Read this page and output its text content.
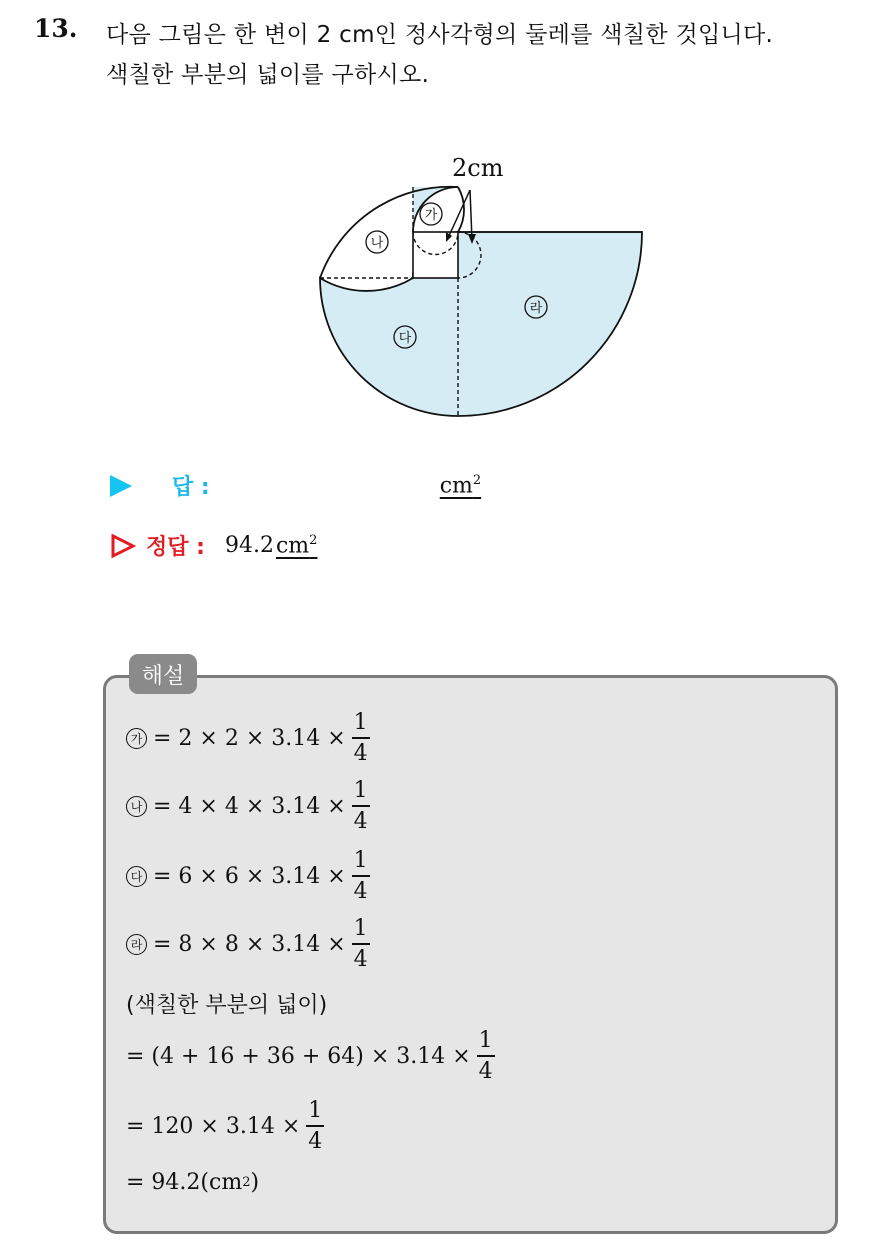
13. 다음 그림은 한 변이 2 cm인 정사각형의 둘레를 색칠한 것입니다.
색칠한 부분의 넓이를 구하시오.
2cm
가
나
다
라
답 :	$cm^2$
정답 : 94.2 $cm^2$
해설
가 = $2 \times 2 \times 3.14 \times \frac{1}{4}$
나 = $4 \times 4 \times 3.14 \times \frac{1}{4}$
다 = $6 \times 6 \times 3.14 \times \frac{1}{4}$
라 = $8 \times 8 \times 3.14 \times \frac{1}{4}$
(색칠한 부분의 넓이)
= $(4 + 16 + 36 + 64) \times 3.14 \times \frac{1}{4}$
= $120 \times 3.14 \times \frac{1}{4}$
= 94.2( cm 2 )
